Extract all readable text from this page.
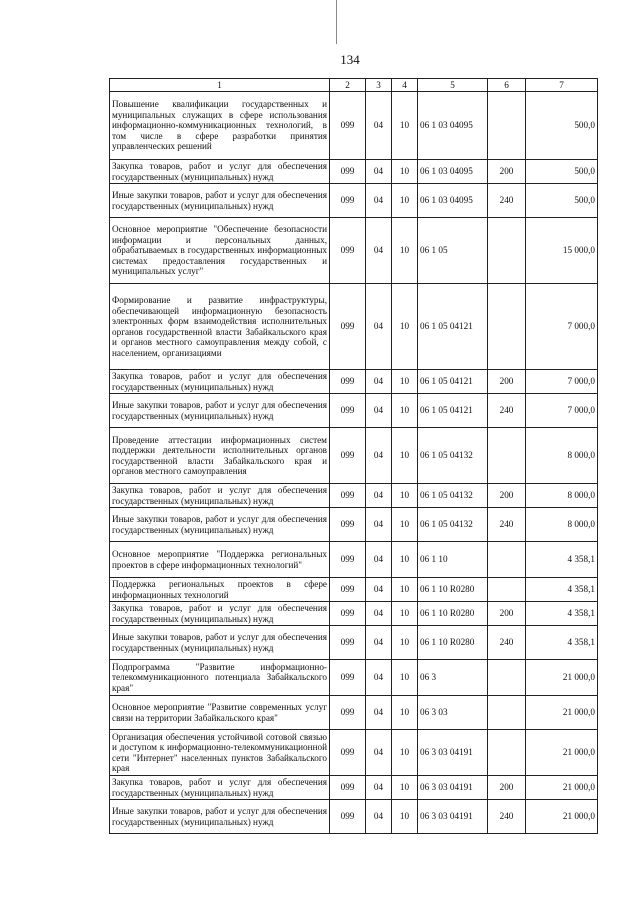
134
1	2	3	4	5	6	7
Повышение квалификации государственных и муниципальных служащих в сфере использования информационно-коммуникационных технологий, в том числе в сфере разработки принятия управленческих решений	099	04	10	06 1 03 04095		500,0
Закупка товаров, работ и услуг для обеспечения государственных (муниципальных) нужд	099	04	10	06 1 03 04095	200	500,0
Иные закупки товаров, работ и услуг для обеспечения государственных (муниципальных) нужд	099	04	10	06 1 03 04095	240	500,0
Основное мероприятие "Обеспечение безопасности информации и персональных данных, обрабатываемых в государственных информационных системах предоставления государственных и муниципальных услуг"	099	04	10	06 1 05		15 000,0
Формирование и развитие инфраструктуры, обеспечивающей информационную безопасность электронных форм взаимодействия исполнительных органов государственной власти Забайкальского края и органов местного самоуправления между собой, с населением, организациями	099	04	10	06 1 05 04121		7 000,0
Закупка товаров, работ и услуг для обеспечения государственных (муниципальных) нужд	099	04	10	06 1 05 04121	200	7 000,0
Иные закупки товаров, работ и услуг для обеспечения государственных (муниципальных) нужд	099	04	10	06 1 05 04121	240	7 000,0
Проведение аттестации информационных систем поддержки деятельности исполнительных органов государственной власти Забайкальского края и органов местного самоуправления	099	04	10	06 1 05 04132		8 000,0
Закупка товаров, работ и услуг для обеспечения государственных (муниципальных) нужд	099	04	10	06 1 05 04132	200	8 000,0
Иные закупки товаров, работ и услуг для обеспечения государственных (муниципальных) нужд	099	04	10	06 1 05 04132	240	8 000,0
Основное мероприятие "Поддержка региональных проектов в сфере информационных технологий"	099	04	10	06 1 10		4 358,1
Поддержка региональных проектов в сфере информационных технологий	099	04	10	06 1 10 R0280		4 358,1
Закупка товаров, работ и услуг для обеспечения государственных (муниципальных) нужд	099	04	10	06 1 10 R0280	200	4 358,1
Иные закупки товаров, работ и услуг для обеспечения государственных (муниципальных) нужд	099	04	10	06 1 10 R0280	240	4 358,1
Подпрограмма "Развитие информационно-телекоммуникационного потенциала Забайкальского края"	099	04	10	06 3		21 000,0
Основное мероприятие "Развитие современных услуг связи на территории Забайкальского края"	099	04	10	06 3 03		21 000,0
Организация обеспечения устойчивой сотовой связью и доступом к информационно-телекоммуникационной сети "Интернет" населенных пунктов Забайкальского края	099	04	10	06 3 03 04191		21 000,0
Закупка товаров, работ и услуг для обеспечения государственных (муниципальных) нужд	099	04	10	06 3 03 04191	200	21 000,0
Иные закупки товаров, работ и услуг для обеспечения государственных (муниципальных) нужд	099	04	10	06 3 03 04191	240	21 000,0
